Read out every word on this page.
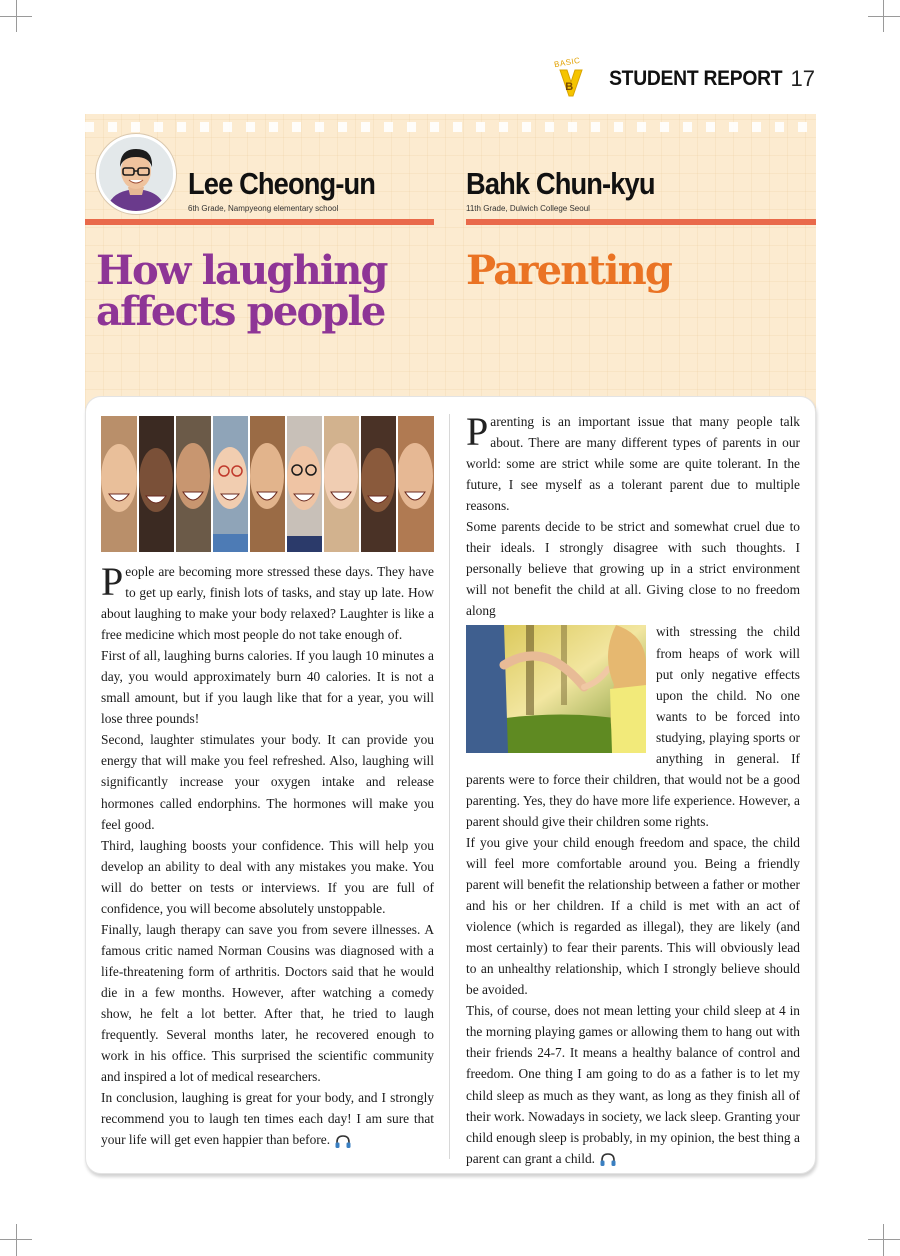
BASIC
B STUDENT REPORT 17
Lee Cheong-un
6th Grade, Nampyeong elementary school
Bahk Chun-kyu
11th Grade, Dulwich College Seoul
How laughing
affects people
Parenting

People are becoming more stressed these days. They have to get up early, finish lots of tasks, and stay up late. How about laughing to make your body relaxed? Laughter is like a free medicine which most people do not take enough of.

First of all, laughing burns calories. If you laugh 10 minutes a day, you would approximately burn 40 calories. It is not a small amount, but if you laugh like that for a year, you will lose three pounds!

Second, laughter stimulates your body. It can provide you energy that will make you feel refreshed. Also, laughing will significantly increase your oxygen intake and release hormones called endorphins. The hormones will make you feel good.

Third, laughing boosts your confidence. This will help you develop an ability to deal with any mistakes you make. You will do better on tests or interviews. If you are full of confidence, you will become absolutely unstoppable.

Finally, laugh therapy can save you from severe illnesses. A famous critic named Norman Cousins was diagnosed with a life-threatening form of arthritis. Doctors said that he would die in a few months. However, after watching a comedy show, he felt a lot better. After that, he tried to laugh frequently. Several months later, he recovered enough to work in his office. This surprised the scientific community and inspired a lot of medical researchers.

In conclusion, laughing is great for your body, and I strongly recommend you to laugh ten times each day! I am sure that your life will get even happier than before.

Parenting is an important issue that many people talk about. There are many different types of parents in our world: some are strict while some are quite tolerant. In the future, I see myself as a tolerant parent due to multiple reasons.

Some parents decide to be strict and somewhat cruel due to their ideals. I strongly disagree with such thoughts. I personally believe that growing up in a strict environment will not benefit the child at all. Giving close to no freedom along

with stressing the child from heaps of work will put only negative effects upon the child. No one wants to be forced into studying, playing sports or anything in general. If parents were to force their children, that would not be a good parenting. Yes, they do have more life experience. However, a parent should give their children some rights.

If you give your child enough freedom and space, the child will feel more comfortable around you. Being a friendly parent will benefit the relationship between a father or mother and his or her children. If a child is met with an act of violence (which is regarded as illegal), they are likely (and most certainly) to fear their parents. This will obviously lead to an unhealthy relationship, which I strongly believe should be avoided.

This, of course, does not mean letting your child sleep at 4 in the morning playing games or allowing them to hang out with their friends 24-7. It means a healthy balance of control and freedom. One thing I am going to do as a father is to let my child sleep as much as they want, as long as they finish all of their work. Nowadays in society, we lack sleep. Granting your child enough sleep is probably, in my opinion, the best thing a parent can grant a child.
